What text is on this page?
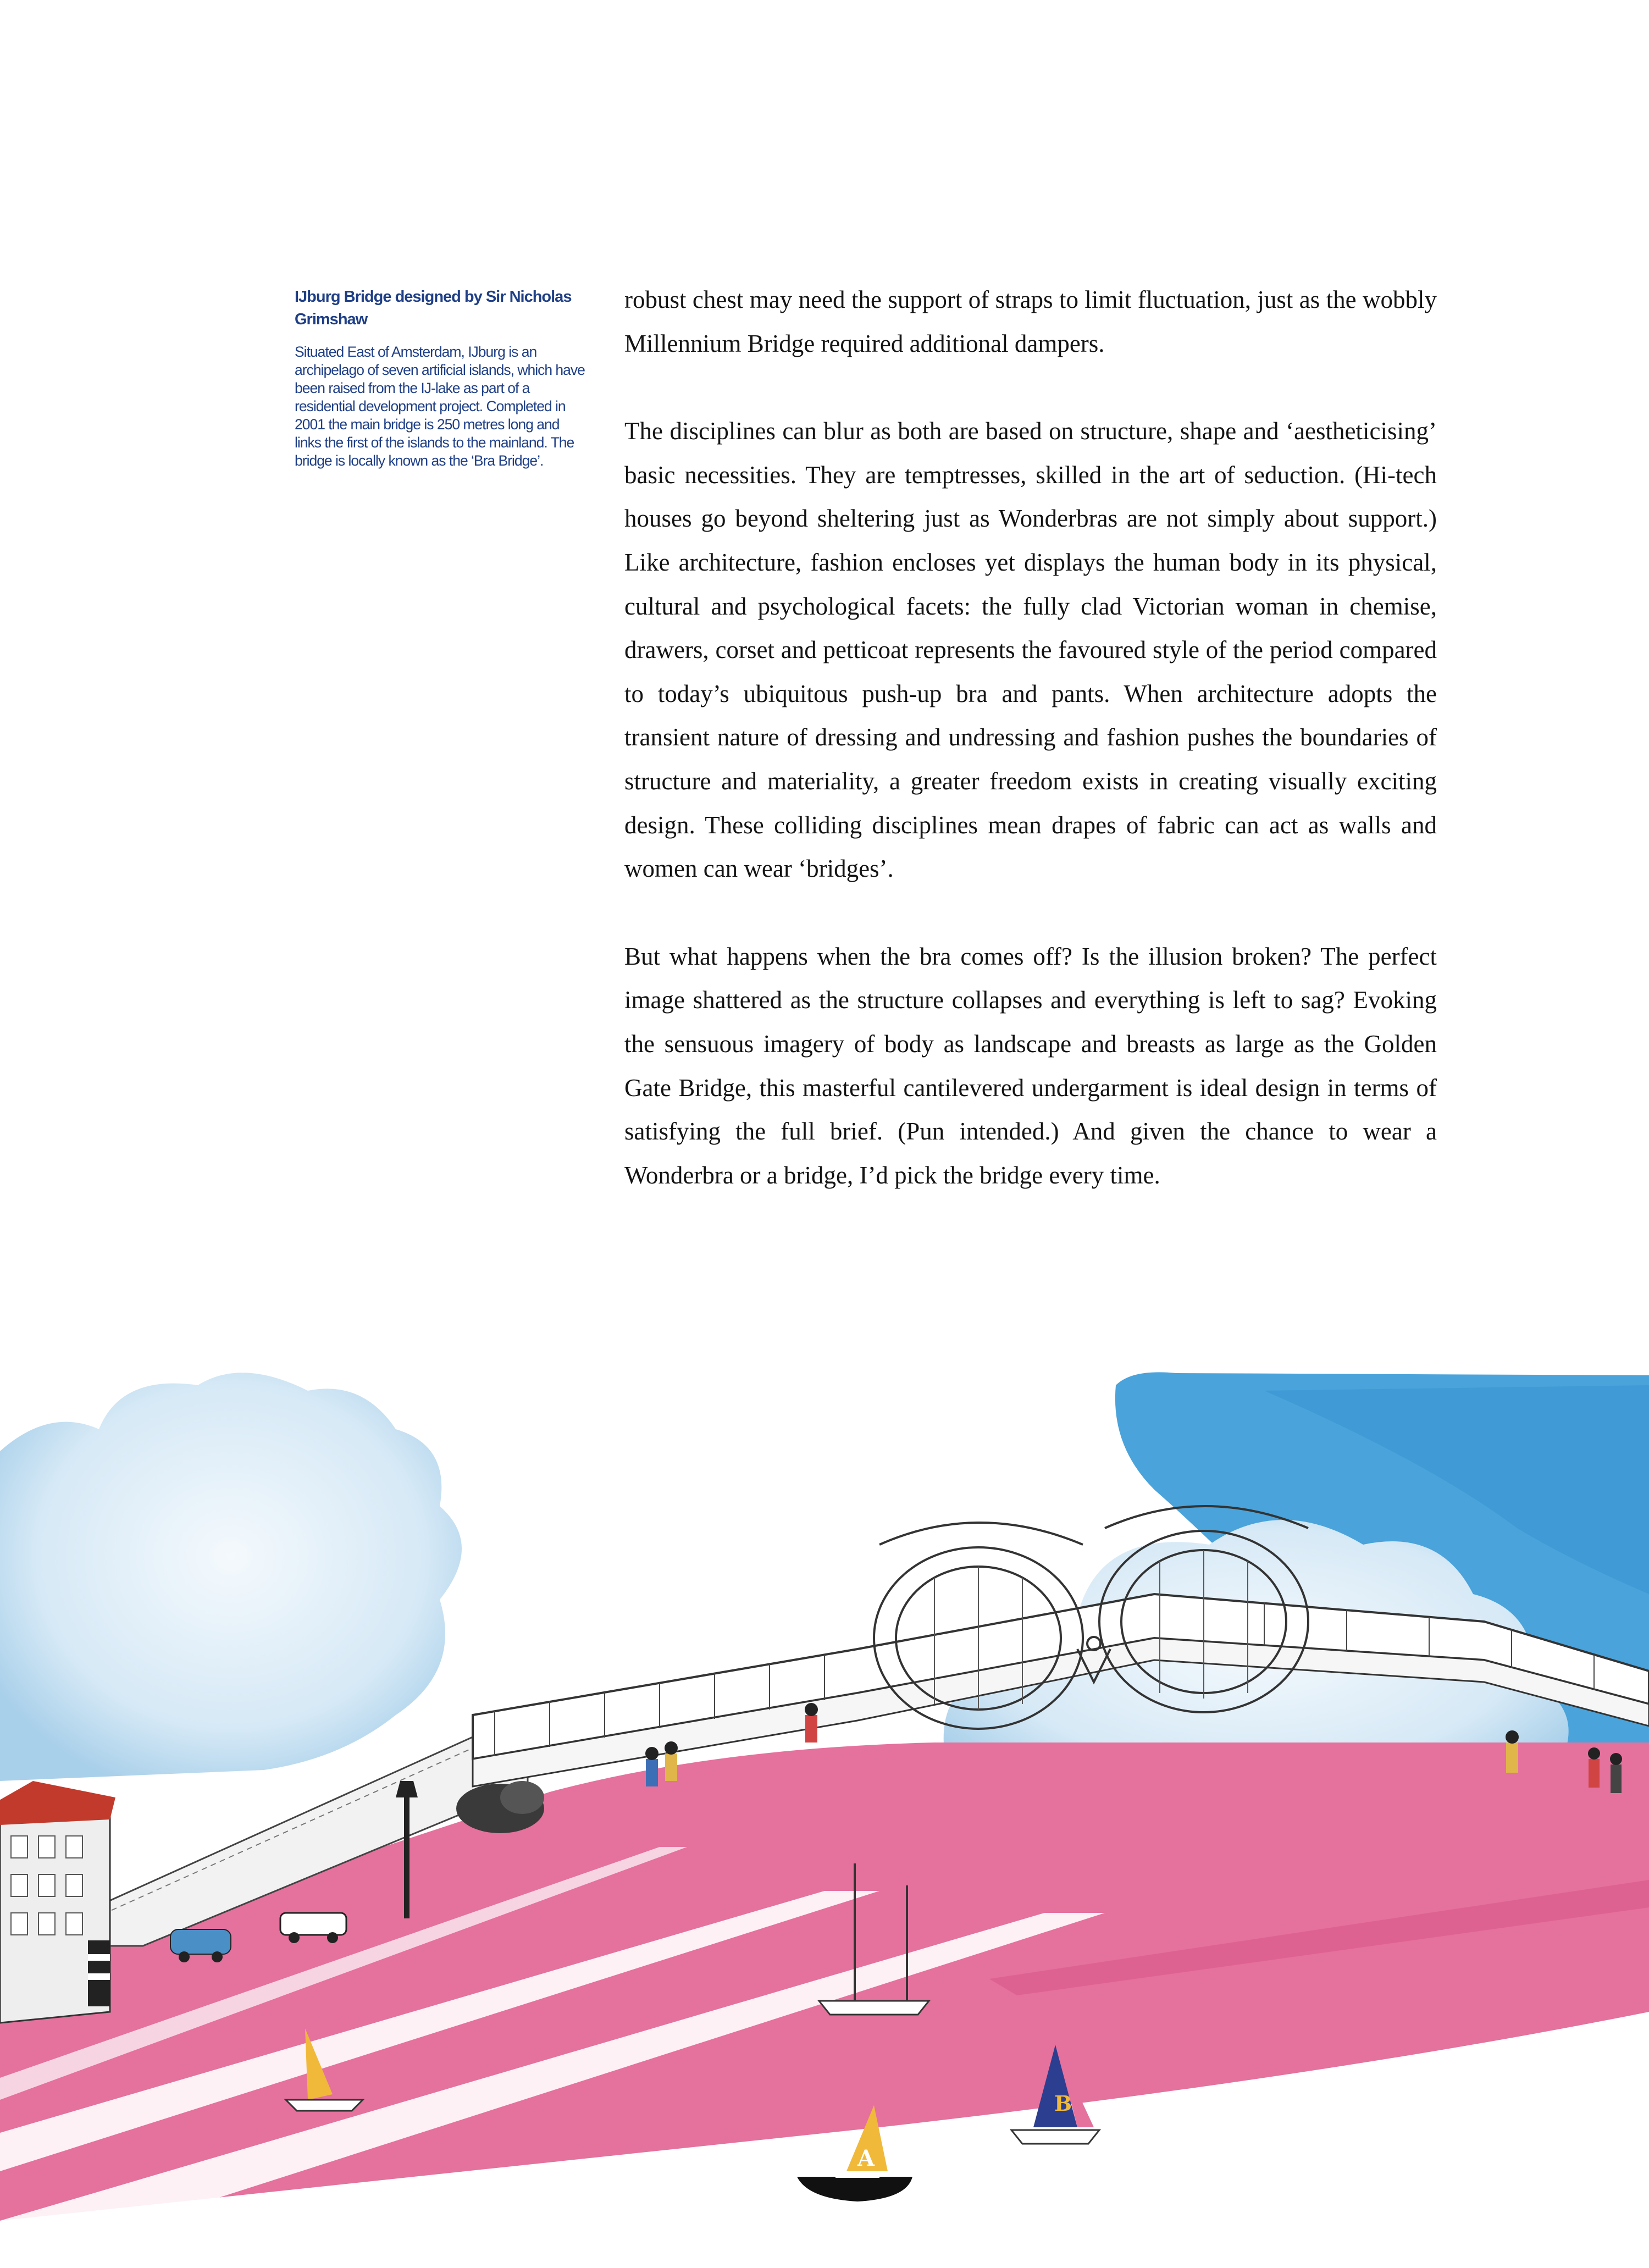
IJburg Bridge designed by Sir Nicholas Grimshaw

Situated East of Amsterdam, IJburg is an archipelago of seven artificial islands, which have been raised from the IJ-lake as part of a residential development project. Completed in 2001 the main bridge is 250 metres long and links the first of the islands to the mainland. The bridge is locally known as the ‘Bra Bridge’.

robust chest may need the support of straps to limit fluctuation, just as the wobbly Millennium Bridge required additional dampers.

The disciplines can blur as both are based on structure, shape and ‘aestheticising’ basic necessities. They are temptresses, skilled in the art of seduction. (Hi-tech houses go beyond sheltering just as Wonderbras are not simply about support.) Like architecture, fashion encloses yet displays the human body in its physical, cultural and psychological facets: the fully clad Victorian woman in chemise, drawers, corset and petticoat represents the favoured style of the period compared to today’s ubiquitous push-up bra and pants. When architecture adopts the transient nature of dressing and undressing and fashion pushes the boundaries of structure and materiality, a greater freedom exists in creating visually exciting design. These colliding disciplines mean drapes of fabric can act as walls and women can wear ‘bridges’.

But what happens when the bra comes off? Is the illusion broken? The perfect image shattered as the structure collapses and everything is left to sag? Evoking the sensuous imagery of body as landscape and breasts as large as the Golden Gate Bridge, this masterful cantilevered undergarment is ideal design in terms of satisfying the full brief. (Pun intended.) And given the chance to wear a Wonderbra or a bridge, I’d pick the bridge every time.

B
A
